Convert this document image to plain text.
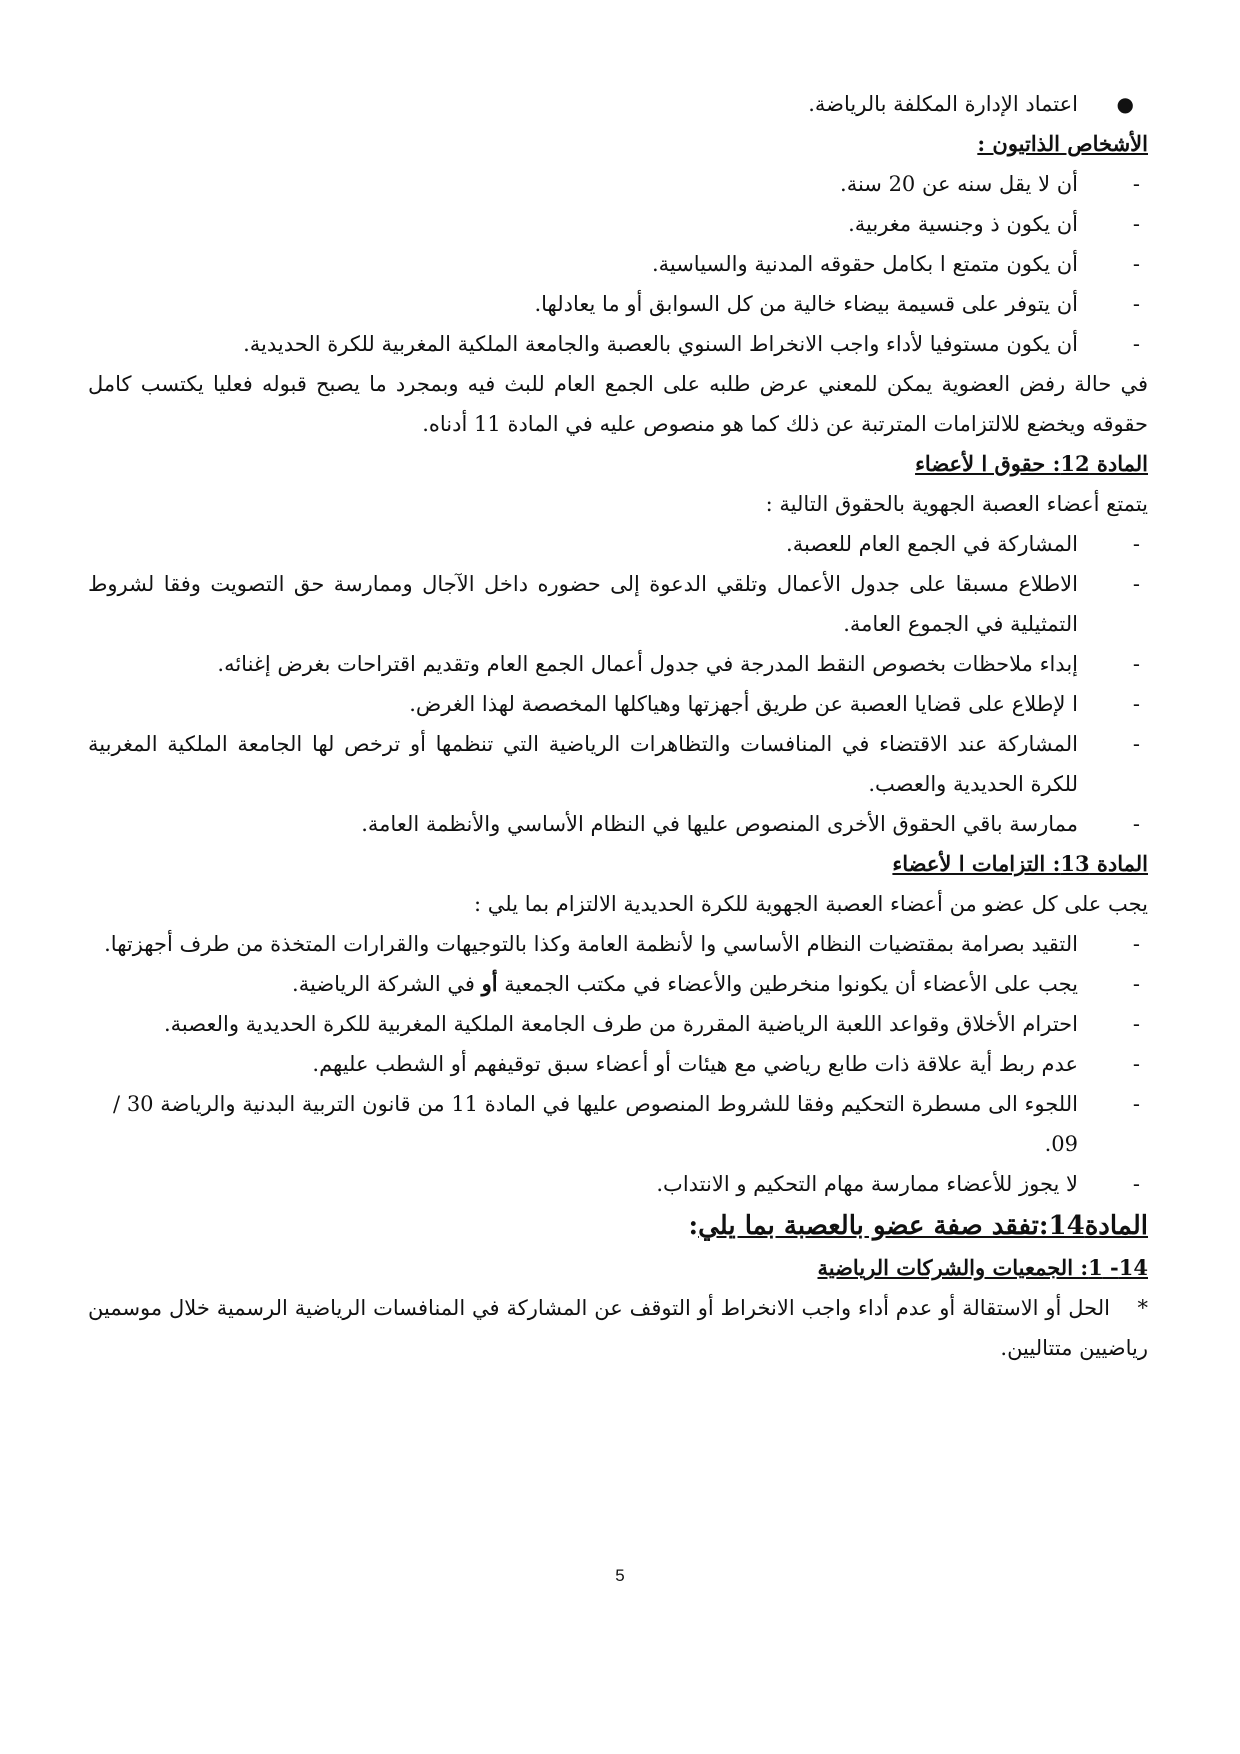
●
اعتماد الإدارة المكلفة بالرياضة.

الأشخاص الذاتيون :

-
أن لا يقل سنه عن 20 سنة.

-
أن يكون ذ وجنسية مغربية.

-
أن يكون متمتع ا بكامل حقوقه المدنية والسياسية.

-
أن يتوفر على قسيمة بيضاء خالية من كل السوابق أو ما يعادلها.

-
أن يكون مستوفيا لأداء واجب الانخراط السنوي بالعصبة والجامعة الملكية المغربية للكرة الحديدية.

في حالة رفض العضوية يمكن للمعني عرض طلبه على الجمع العام للبث فيه وبمجرد ما يصبح قبوله فعليا يكتسب كامل حقوقه ويخضع للالتزامات المترتبة عن ذلك كما هو منصوص عليه في المادة 11 أدناه.

المادة 12: حقوق ا لأعضاء

يتمتع أعضاء العصبة الجهوية بالحقوق التالية :

-
المشاركة في الجمع العام للعصبة.

-
الاطلاع مسبقا على جدول الأعمال وتلقي الدعوة إلى حضوره داخل الآجال وممارسة حق التصويت وفقا لشروط التمثيلية في الجموع العامة.

-
إبداء ملاحظات بخصوص النقط المدرجة في جدول أعمال الجمع العام وتقديم اقتراحات بغرض إغنائه.

-
ا لإطلاع على قضايا العصبة عن طريق أجهزتها وهياكلها المخصصة لهذا الغرض.

-
المشاركة عند الاقتضاء في المنافسات والتظاهرات الرياضية التي تنظمها أو ترخص لها الجامعة الملكية المغربية للكرة الحديدية والعصب.

-
ممارسة باقي الحقوق الأخرى المنصوص عليها في النظام الأساسي والأنظمة العامة.

المادة 13: التزامات ا لأعضاء

يجب على كل عضو من أعضاء العصبة الجهوية للكرة الحديدية الالتزام بما يلي :

-
التقيد بصرامة بمقتضيات النظام الأساسي وا لأنظمة العامة وكذا بالتوجيهات والقرارات المتخذة من طرف أجهزتها.

-
يجب على الأعضاء أن يكونوا منخرطين والأعضاء في مكتب الجمعية أو في الشركة الرياضية.

-
احترام الأخلاق وقواعد اللعبة الرياضية المقررة من طرف الجامعة الملكية المغربية للكرة الحديدية والعصبة.

-
عدم ربط أية علاقة ذات طابع رياضي مع هيئات أو أعضاء سبق توقيفهم أو الشطب عليهم.

-
اللجوء الى مسطرة التحكيم وفقا للشروط المنصوص عليها في المادة 11 من قانون التربية البدنية والرياضة 30 / 09.

-
لا يجوز للأعضاء ممارسة مهام التحكيم و الانتداب.

المادة14:تفقد صفة عضو بالعصبة بما يلي:

14- 1: الجمعيات والشركات الرياضية

*    الحل أو الاستقالة أو عدم أداء واجب الانخراط أو التوقف عن المشاركة في المنافسات الرياضية الرسمية خلال موسمين رياضيين متتاليين.

5
